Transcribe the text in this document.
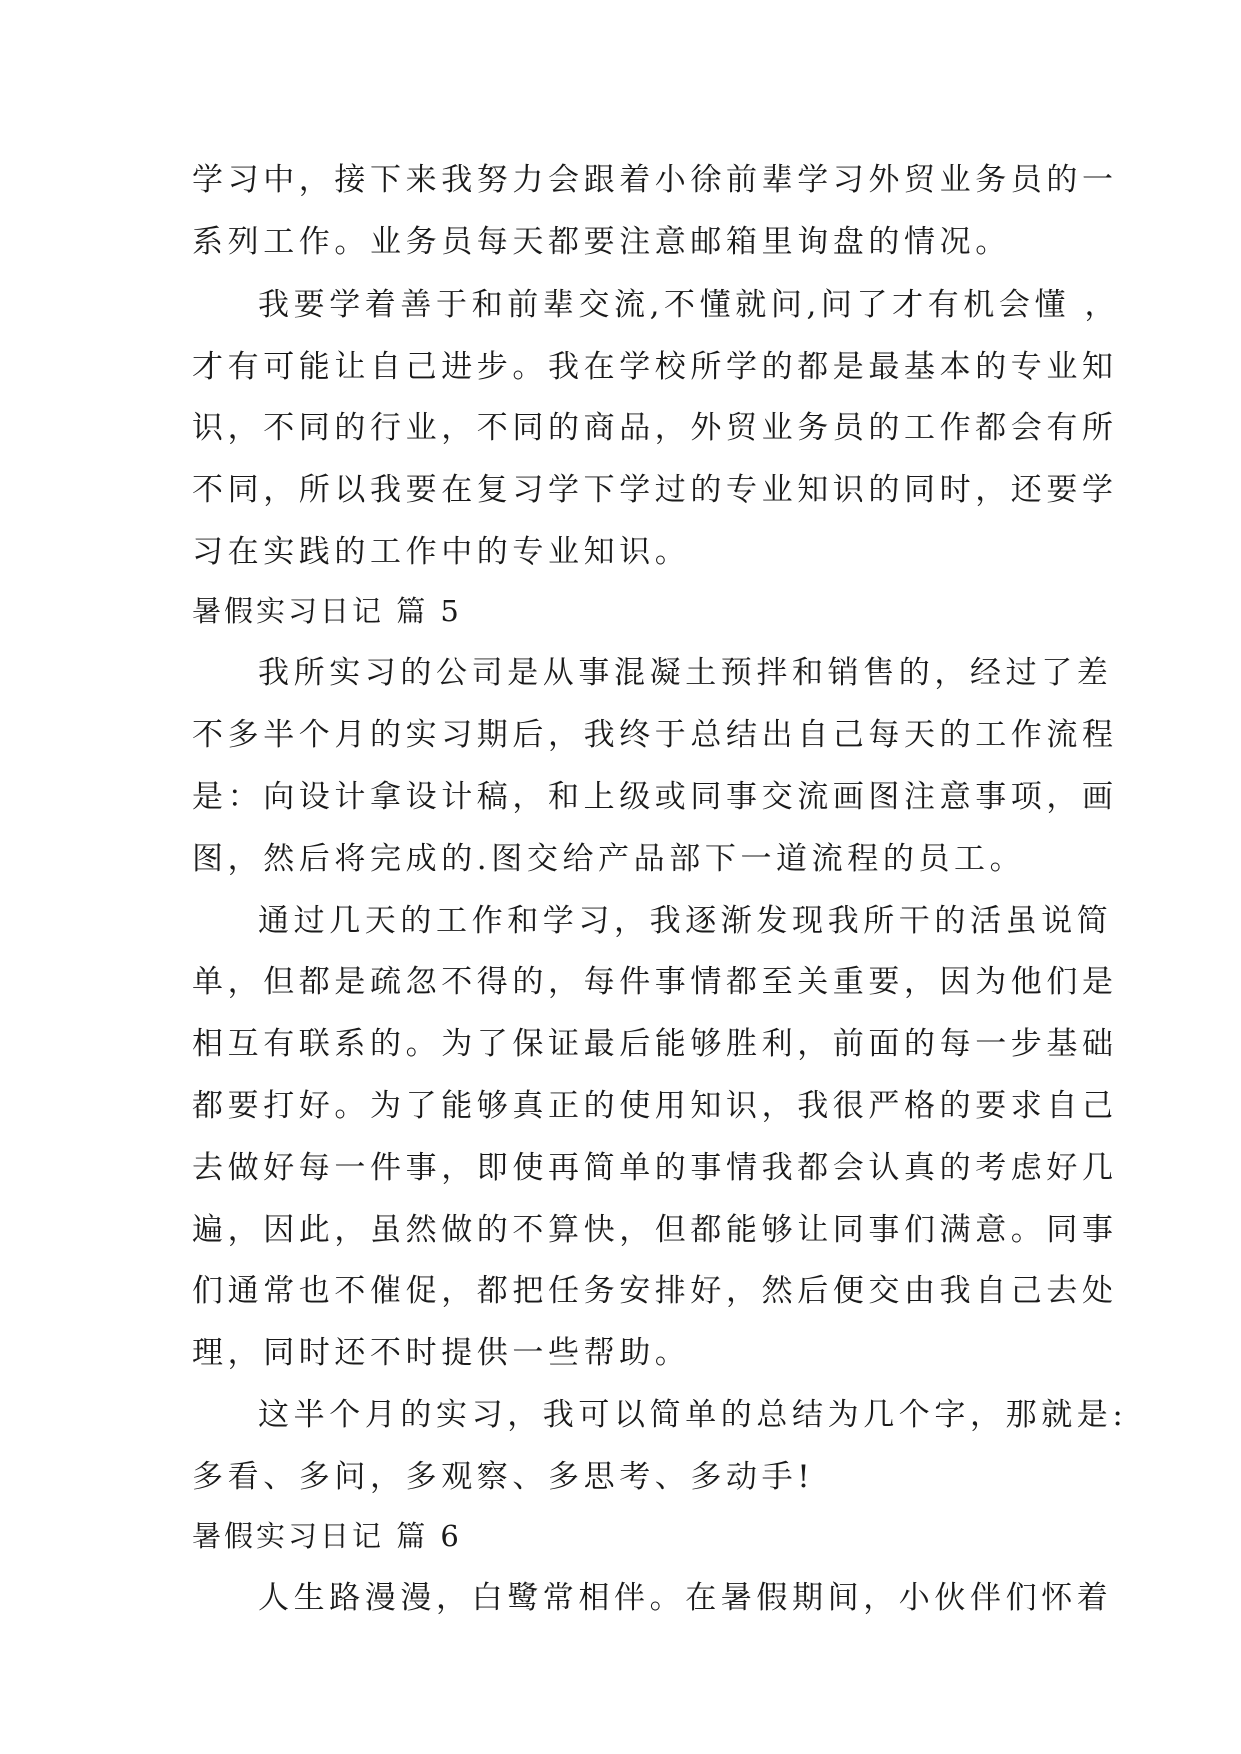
学习中，接下来我努力会跟着小徐前辈学习外贸业务员的一
系列工作。业务员每天都要注意邮箱里询盘的情况。
我要学着善于和前辈交流,不懂就问,问了才有机会懂 ，
才有可能让自己进步。我在学校所学的都是最基本的专业知
识，不同的行业，不同的商品，外贸业务员的工作都会有所
不同，所以我要在复习学下学过的专业知识的同时，还要学
习在实践的工作中的专业知识。
暑假实习日记 篇 5
我所实习的公司是从事混凝土预拌和销售的，经过了差
不多半个月的实习期后，我终于总结出自己每天的工作流程
是：向设计拿设计稿，和上级或同事交流画图注意事项，画
图，然后将完成的.图交给产品部下一道流程的员工。
通过几天的工作和学习，我逐渐发现我所干的活虽说简
单，但都是疏忽不得的，每件事情都至关重要，因为他们是
相互有联系的。为了保证最后能够胜利，前面的每一步基础
都要打好。为了能够真正的使用知识，我很严格的要求自己
去做好每一件事，即使再简单的事情我都会认真的考虑好几
遍，因此，虽然做的不算快，但都能够让同事们满意。同事
们通常也不催促，都把任务安排好，然后便交由我自己去处
理，同时还不时提供一些帮助。
这半个月的实习，我可以简单的总结为几个字，那就是:
多看、多问，多观察、多思考、多动手!
暑假实习日记 篇 6
人生路漫漫，白鹭常相伴。在暑假期间，小伙伴们怀着
